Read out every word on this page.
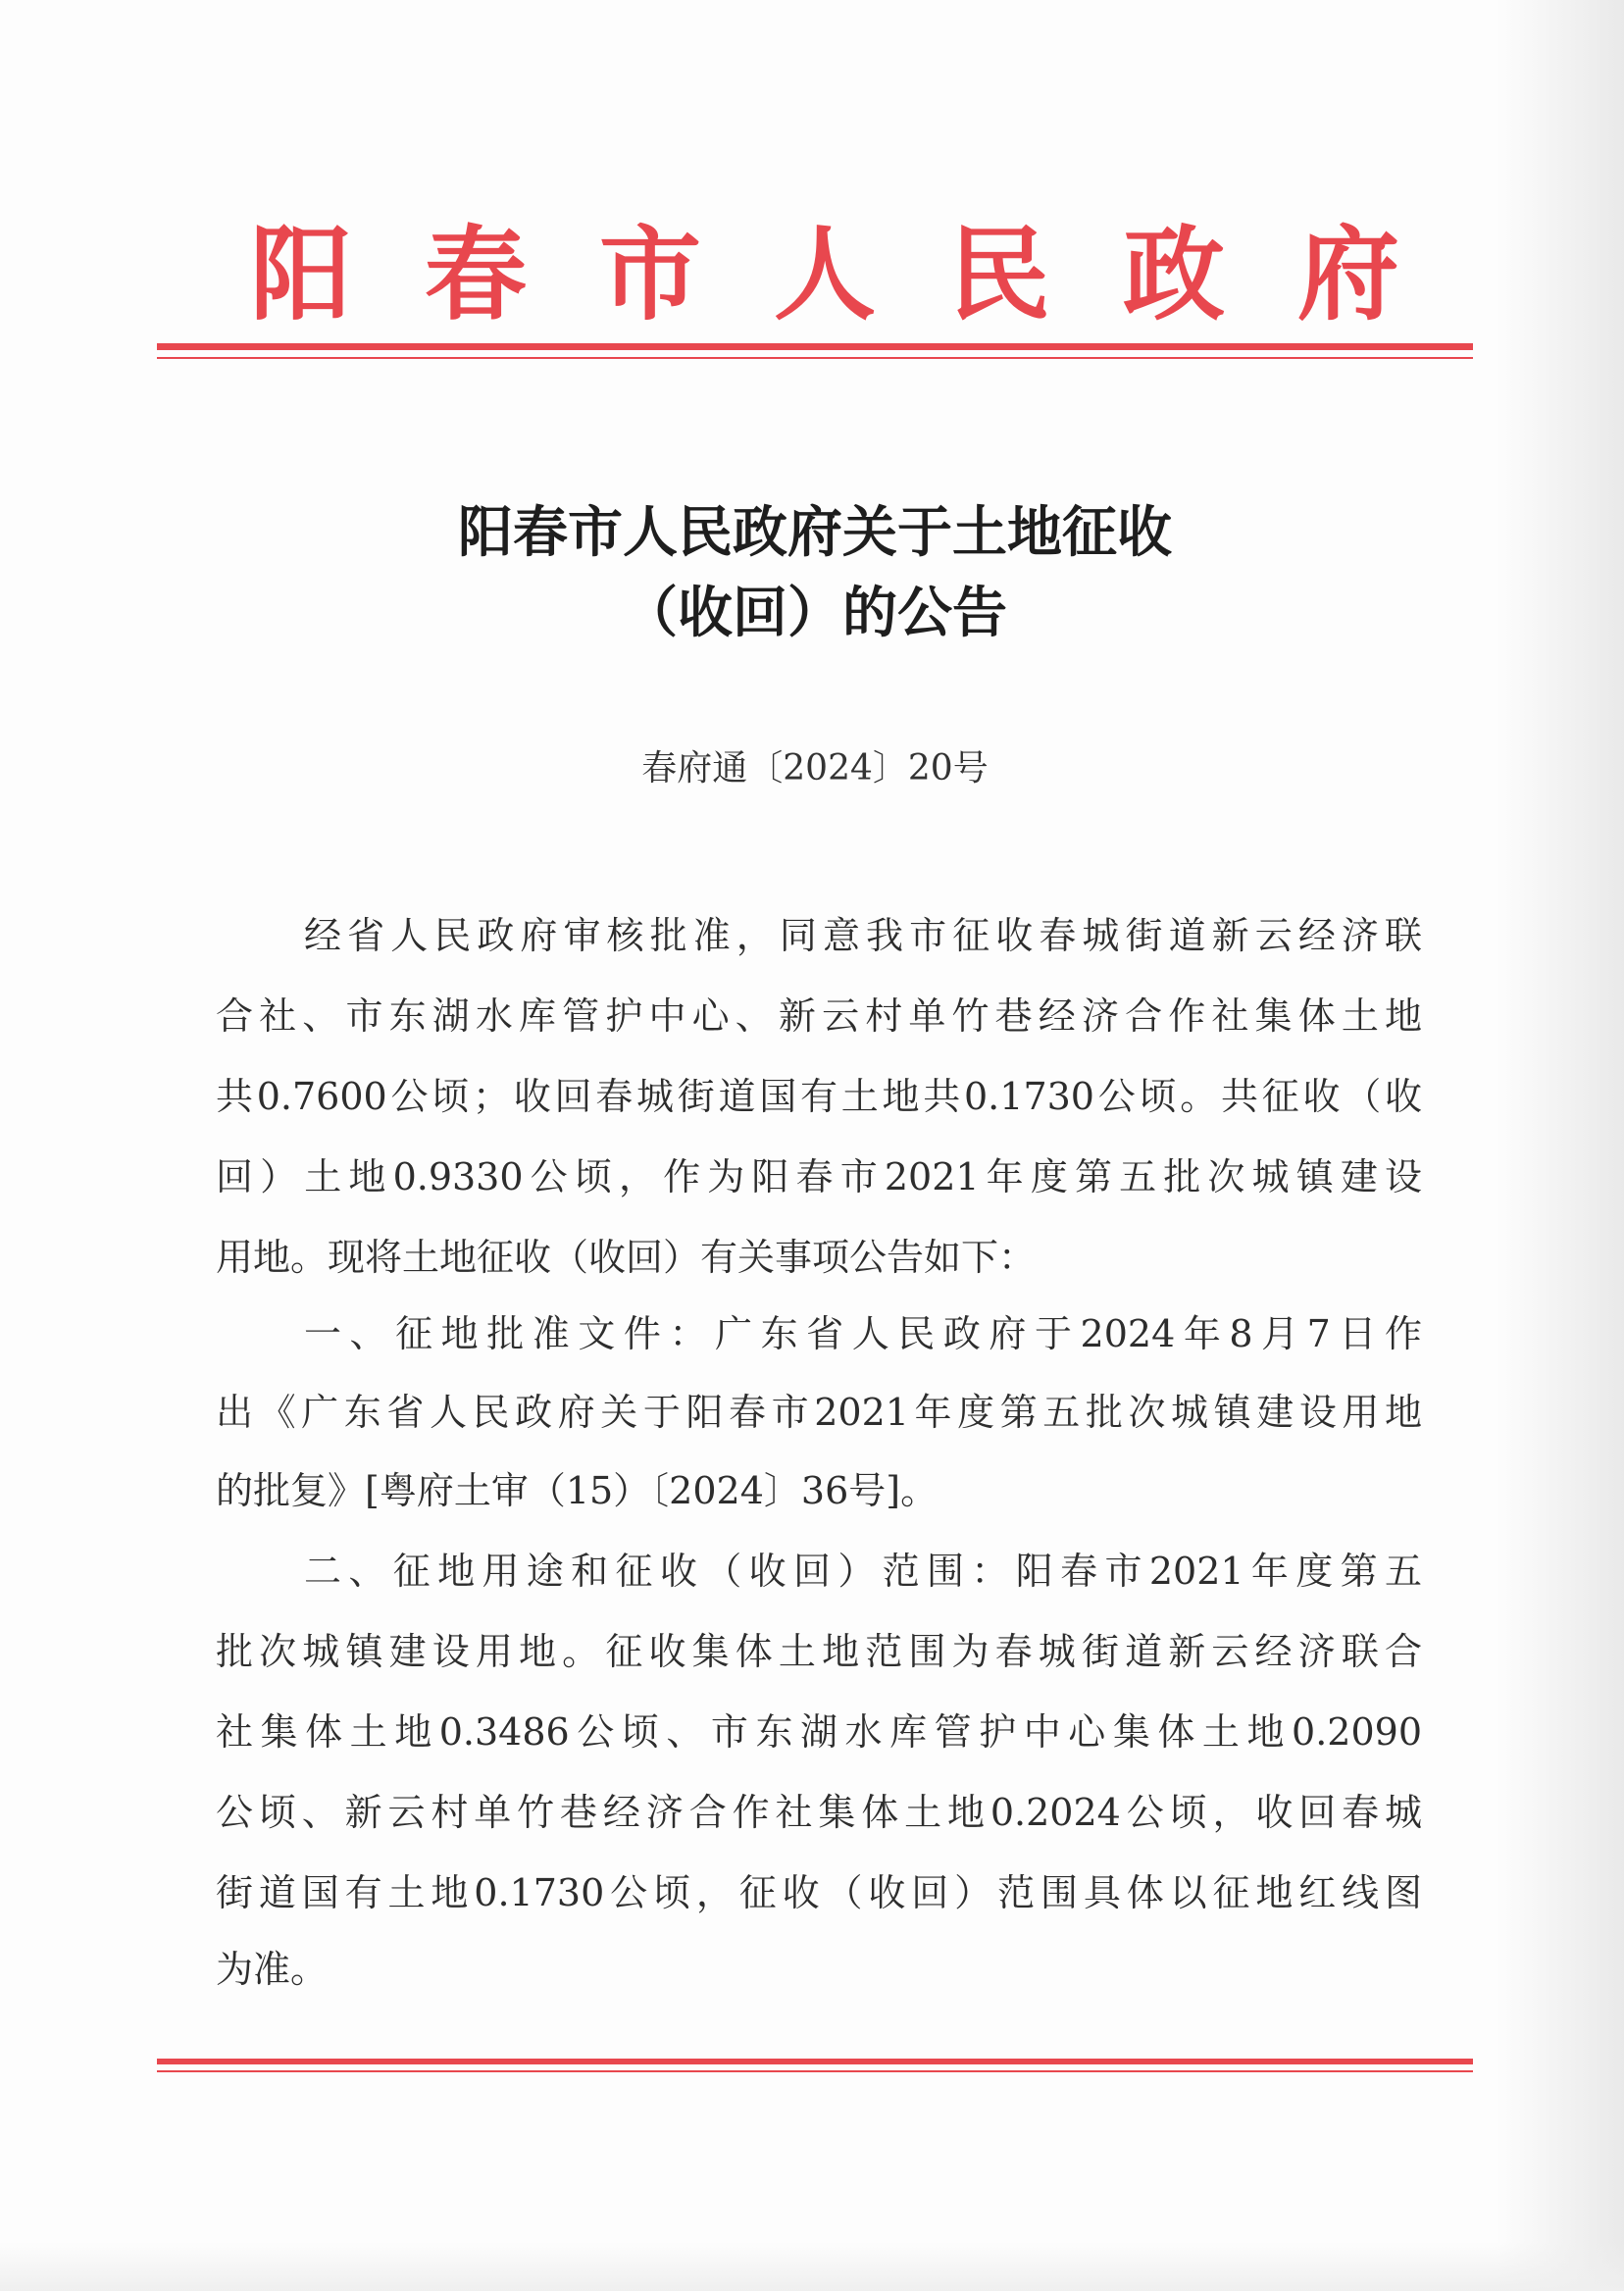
阳春市人民政府
阳春市人民政府关于土地征收
（收回）的公告
春府通〔2024〕20号
经省人民政府审核批准，同意我市征收春城街道新云经济联
合社、市东湖水库管护中心、新云村单竹巷经济合作社集体土地
共0.7600公顷；收回春城街道国有土地共0.1730公顷。共征收（收
回）土地0.9330公顷，作为阳春市2021年度第五批次城镇建设
用地。现将土地征收（收回）有关事项公告如下：
一、征地批准文件：广东省人民政府于2024年8月7日作
出《广东省人民政府关于阳春市2021年度第五批次城镇建设用地
的批复》[粤府土审（15）〔2024〕36号]。
二、征地用途和征收（收回）范围：阳春市2021年度第五
批次城镇建设用地。征收集体土地范围为春城街道新云经济联合
社集体土地0.3486公顷、市东湖水库管护中心集体土地0.2090
公顷、新云村单竹巷经济合作社集体土地0.2024公顷，收回春城
街道国有土地0.1730公顷，征收（收回）范围具体以征地红线图
为准。
